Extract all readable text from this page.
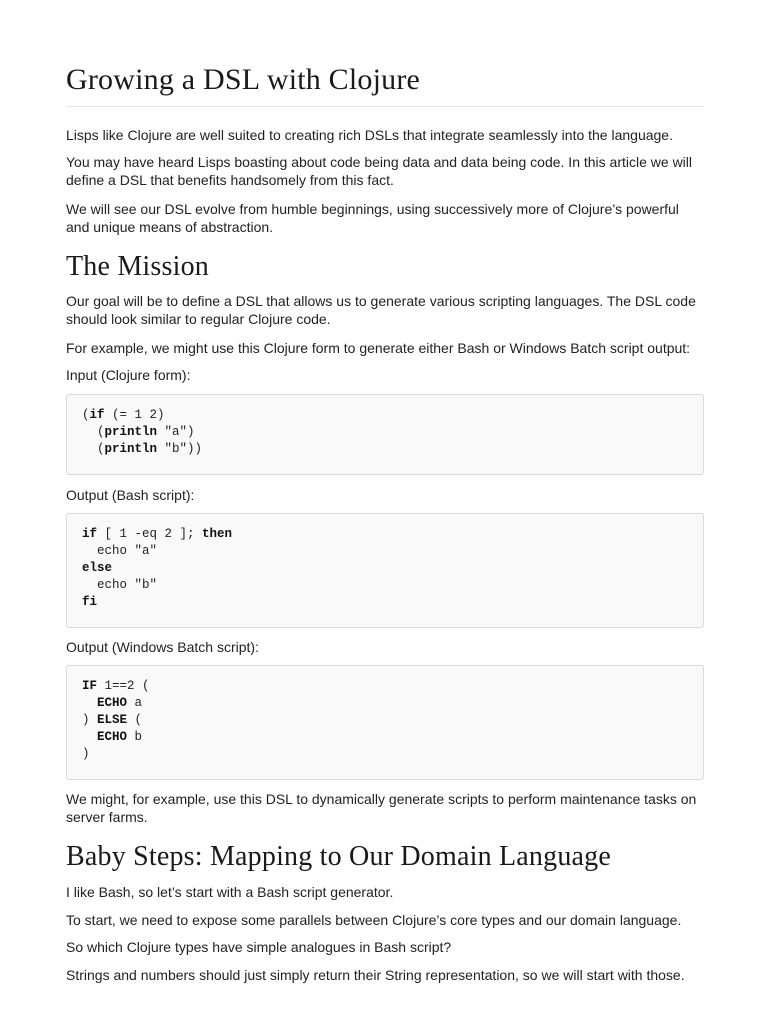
Growing a DSL with Clojure

Lisps like Clojure are well suited to creating rich DSLs that integrate seamlessly into the language.

You may have heard Lisps boasting about code being data and data being code. In this article we will define a DSL that benefits handsomely from this fact.

We will see our DSL evolve from humble beginnings, using successively more of Clojure’s powerful and unique means of abstraction.

The Mission

Our goal will be to define a DSL that allows us to generate various scripting languages. The DSL code should look similar to regular Clojure code.

For example, we might use this Clojure form to generate either Bash or Windows Batch script output:

Input (Clojure form):

(if (= 1 2)
(println "a")
(println "b"))

Output (Bash script):

if [ 1 -eq 2 ]; then
echo "a"
else
echo "b"
fi

Output (Windows Batch script):

IF 1==2 (
ECHO a
) ELSE (
ECHO b
)

We might, for example, use this DSL to dynamically generate scripts to perform maintenance tasks on server farms.

Baby Steps: Mapping to Our Domain Language

I like Bash, so let’s start with a Bash script generator.

To start, we need to expose some parallels between Clojure’s core types and our domain language.

So which Clojure types have simple analogues in Bash script?

Strings and numbers should just simply return their String representation, so we will start with those.
